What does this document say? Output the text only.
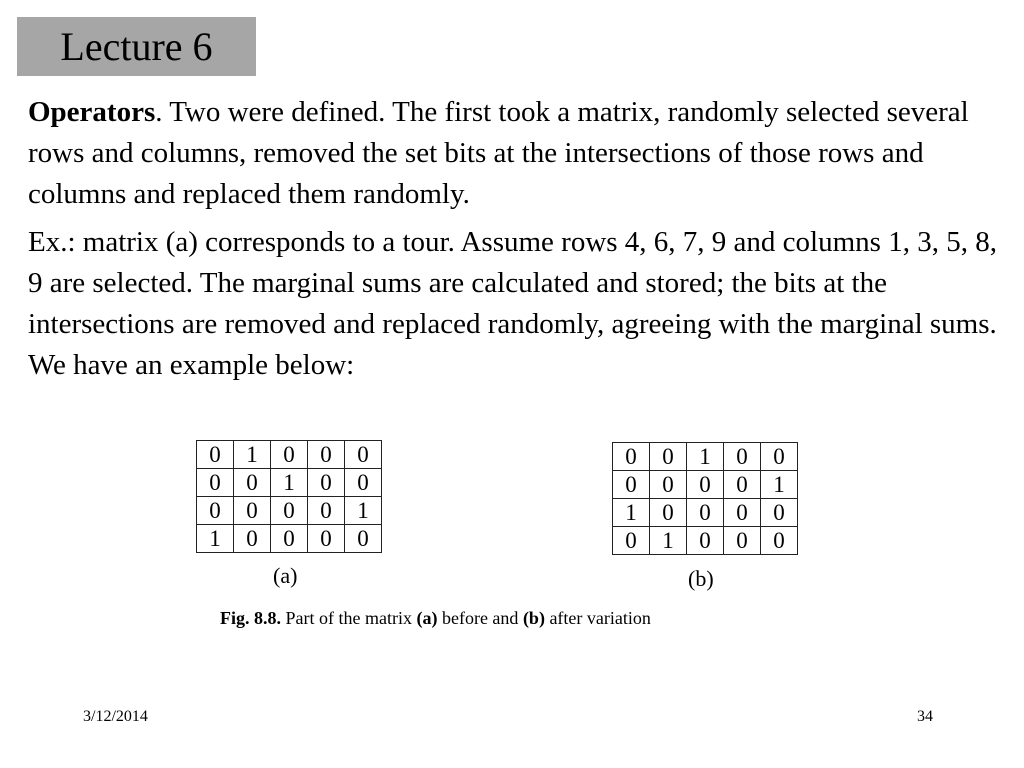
Lecture 6

Operators. Two were defined. The first took a matrix, randomly selected several rows and columns, removed the set bits at the intersections of those rows and columns and replaced them randomly.

Ex.: matrix (a) corresponds to a tour. Assume rows 4, 6, 7, 9 and columns 1, 3, 5, 8, 9 are selected. The marginal sums are calculated and stored; the bits at the intersections are removed and replaced randomly, agreeing with the marginal sums. We have an example below:

0	1	0	0	0
0	0	1	0	0
0	0	0	0	1
1	0	0	0	0
(a)
0	0	1	0	0
0	0	0	0	1
1	0	0	0	0
0	1	0	0	0
(b)
Fig. 8.8. Part of the matrix (a) before and (b) after variation
3/12/2014	34
